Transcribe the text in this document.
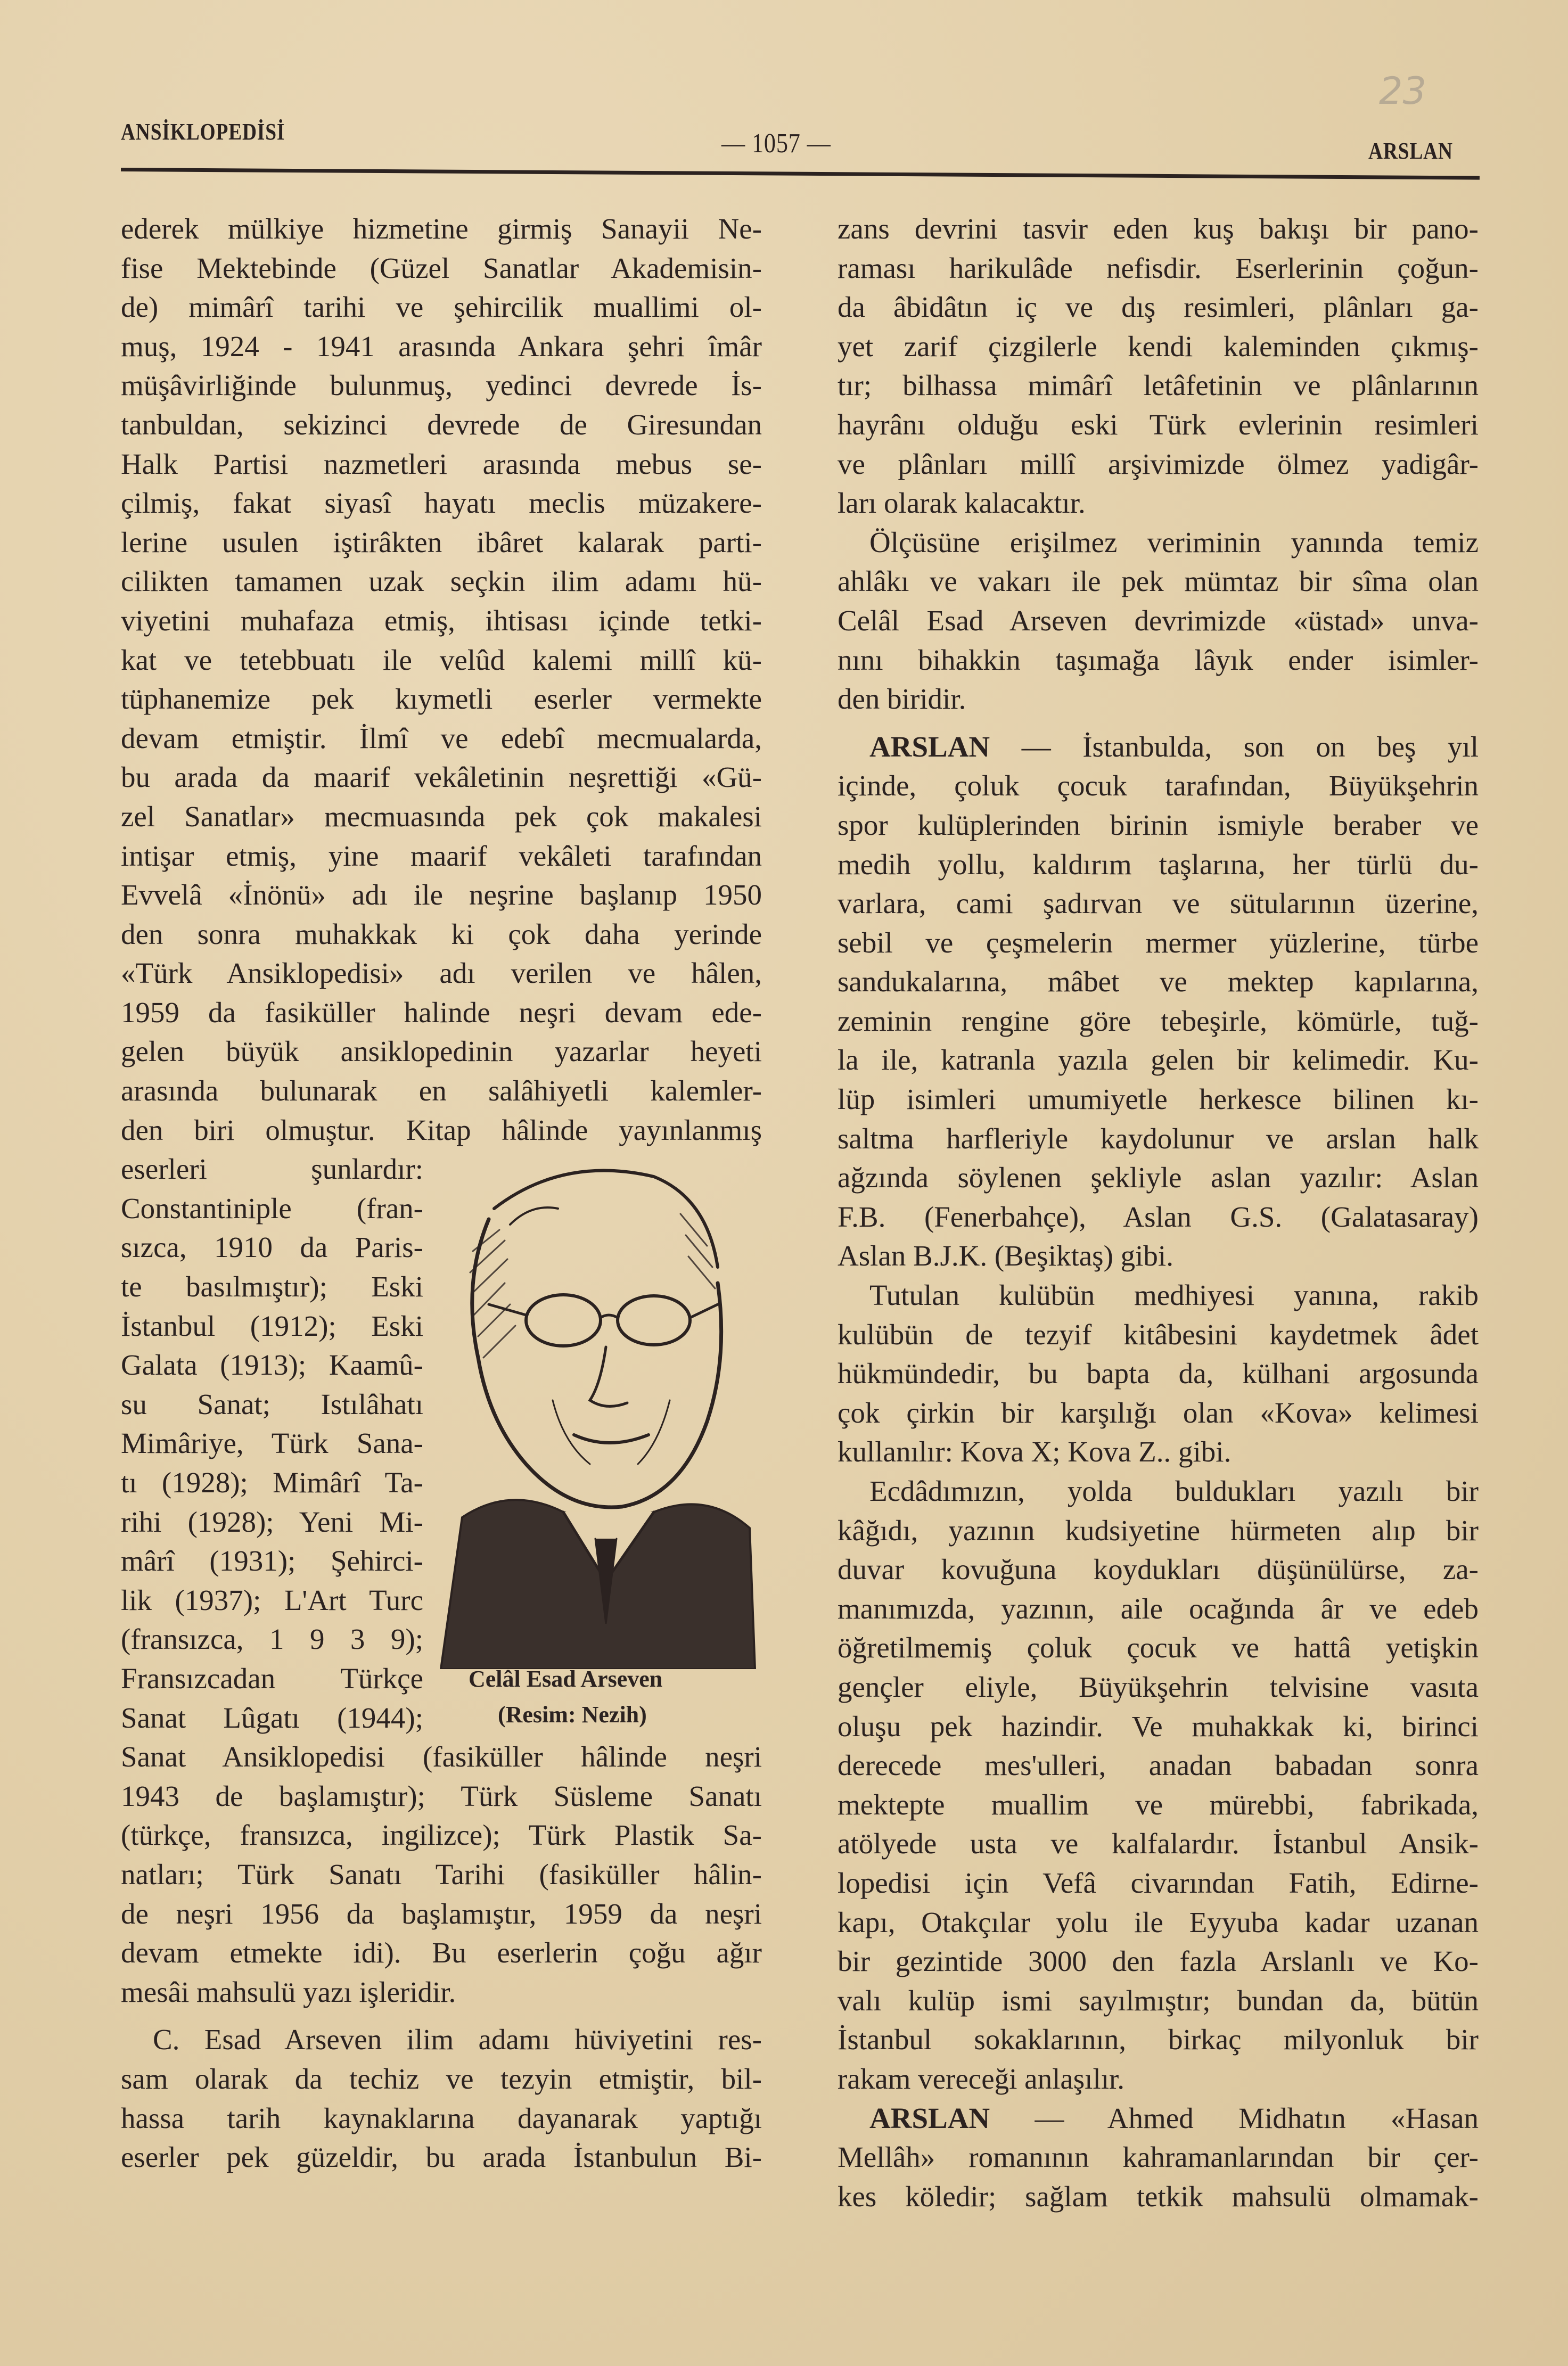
23
ANSİKLOPEDİSİ	— 1057 —	ARSLAN
ederek mülkiye hizmetine girmiş Sanayii Ne-
fise Mektebinde (Güzel Sanatlar Akademisin-
de) mimârî tarihi ve şehircilik muallimi ol-
muş, 1924 - 1941 arasında Ankara şehri îmâr
müşâvirliğinde bulunmuş, yedinci devrede İs-
tanbuldan, sekizinci devrede de Giresundan
Halk Partisi nazmetleri arasında mebus se-
çilmiş, fakat siyasî hayatı meclis müzakere-
lerine usulen iştirâkten ibâret kalarak parti-
cilikten tamamen uzak seçkin ilim adamı hü-
viyetini muhafaza etmiş, ihtisası içinde tetki-
kat ve tetebbuatı ile velûd kalemi millî kü-
tüphanemize pek kıymetli eserler vermekte
devam etmiştir. İlmî ve edebî mecmualarda,
bu arada da maarif vekâletinin neşrettiği «Gü-
zel Sanatlar» mecmuasında pek çok makalesi
intişar etmiş, yine maarif vekâleti tarafından
Evvelâ «İnönü» adı ile neşrine başlanıp 1950
den sonra muhakkak ki çok daha yerinde
«Türk Ansiklopedisi» adı verilen ve hâlen,
1959 da fasiküller halinde neşri devam ede-
gelen büyük ansiklopedinin yazarlar heyeti
arasında bulunarak en salâhiyetli kalemler-
den biri olmuştur. Kitap hâlinde yayınlanmış
eserleri şunlardır:
Constantiniple (fran-
sızca, 1910 da Paris-
te basılmıştır); Eski
İstanbul (1912); Eski
Galata (1913); Kaamû-
su Sanat; Istılâhatı
Mimâriye, Türk Sana-
tı (1928); Mimârî Ta-
rihi (1928); Yeni Mi-
mârî (1931); Şehirci-
lik (1937); L'Art Turc
(fransızca, 1 9 3 9);
Fransızcadan Türkçe
Sanat Lûgatı (1944);
Sanat Ansiklopedisi (fasiküller hâlinde neşri
1943 de başlamıştır); Türk Süsleme Sanatı
(türkçe, fransızca, ingilizce); Türk Plastik Sa-
natları; Türk Sanatı Tarihi (fasiküller hâlin-
de neşri 1956 da başlamıştır, 1959 da neşri
devam etmekte idi). Bu eserlerin çoğu ağır
mesâi mahsulü yazı işleridir.
C. Esad Arseven ilim adamı hüviyetini res-
sam olarak da techiz ve tezyin etmiştir, bil-
hassa tarih kaynaklarına dayanarak yaptığı
eserler pek güzeldir, bu arada İstanbulun Bi-
zans devrini tasvir eden kuş bakışı bir pano-
raması harikulâde nefisdir. Eserlerinin çoğun-
da âbidâtın iç ve dış resimleri, plânları ga-
yet zarif çizgilerle kendi kaleminden çıkmış-
tır; bilhassa mimârî letâfetinin ve plânlarının
hayrânı olduğu eski Türk evlerinin resimleri
ve plânları millî arşivimizde ölmez yadigâr-
ları olarak kalacaktır.
Ölçüsüne erişilmez veriminin yanında temiz
ahlâkı ve vakarı ile pek mümtaz bir sîma olan
Celâl Esad Arseven devrimizde «üstad» unva-
nını bihakkin taşımağa lâyık ender isimler-
den biridir.
ARSLAN — İstanbulda, son on beş yıl
içinde, çoluk çocuk tarafından, Büyükşehrin
spor kulüplerinden birinin ismiyle beraber ve
medih yollu, kaldırım taşlarına, her türlü du-
varlara, cami şadırvan ve sütularının üzerine,
sebil ve çeşmelerin mermer yüzlerine, türbe
sandukalarına, mâbet ve mektep kapılarına,
zeminin rengine göre tebeşirle, kömürle, tuğ-
la ile, katranla yazıla gelen bir kelimedir. Ku-
lüp isimleri umumiyetle herkesce bilinen kı-
saltma harfleriyle kaydolunur ve arslan halk
ağzında söylenen şekliyle aslan yazılır: Aslan
F.B. (Fenerbahçe), Aslan G.S. (Galatasaray)
Aslan B.J.K. (Beşiktaş) gibi.
Tutulan kulübün medhiyesi yanına, rakib
kulübün de tezyif kitâbesini kaydetmek âdet
hükmündedir, bu bapta da, külhani argosunda
çok çirkin bir karşılığı olan «Kova» kelimesi
kullanılır: Kova X; Kova Z.. gibi.
Ecdâdımızın, yolda buldukları yazılı bir
kâğıdı, yazının kudsiyetine hürmeten alıp bir
duvar kovuğuna koydukları düşünülürse, za-
manımızda, yazının, aile ocağında âr ve edeb
öğretilmemiş çoluk çocuk ve hattâ yetişkin
gençler eliyle, Büyükşehrin telvisine vasıta
oluşu pek hazindir. Ve muhakkak ki, birinci
derecede mes'ulleri, anadan babadan sonra
mektepte muallim ve mürebbi, fabrikada,
atölyede usta ve kalfalardır. İstanbul Ansik-
lopedisi için Vefâ civarından Fatih, Edirne-
kapı, Otakçılar yolu ile Eyyuba kadar uzanan
bir gezintide 3000 den fazla Arslanlı ve Ko-
valı kulüp ismi sayılmıştır; bundan da, bütün
İstanbul sokaklarının, birkaç milyonluk bir
rakam vereceği anlaşılır.
ARSLAN — Ahmed Midhatın «Hasan
Mellâh» romanının kahramanlarından bir çer-
kes köledir; sağlam tetkik mahsulü olmamak-
Celâl Esad Arseven
(Resim: Nezih)
